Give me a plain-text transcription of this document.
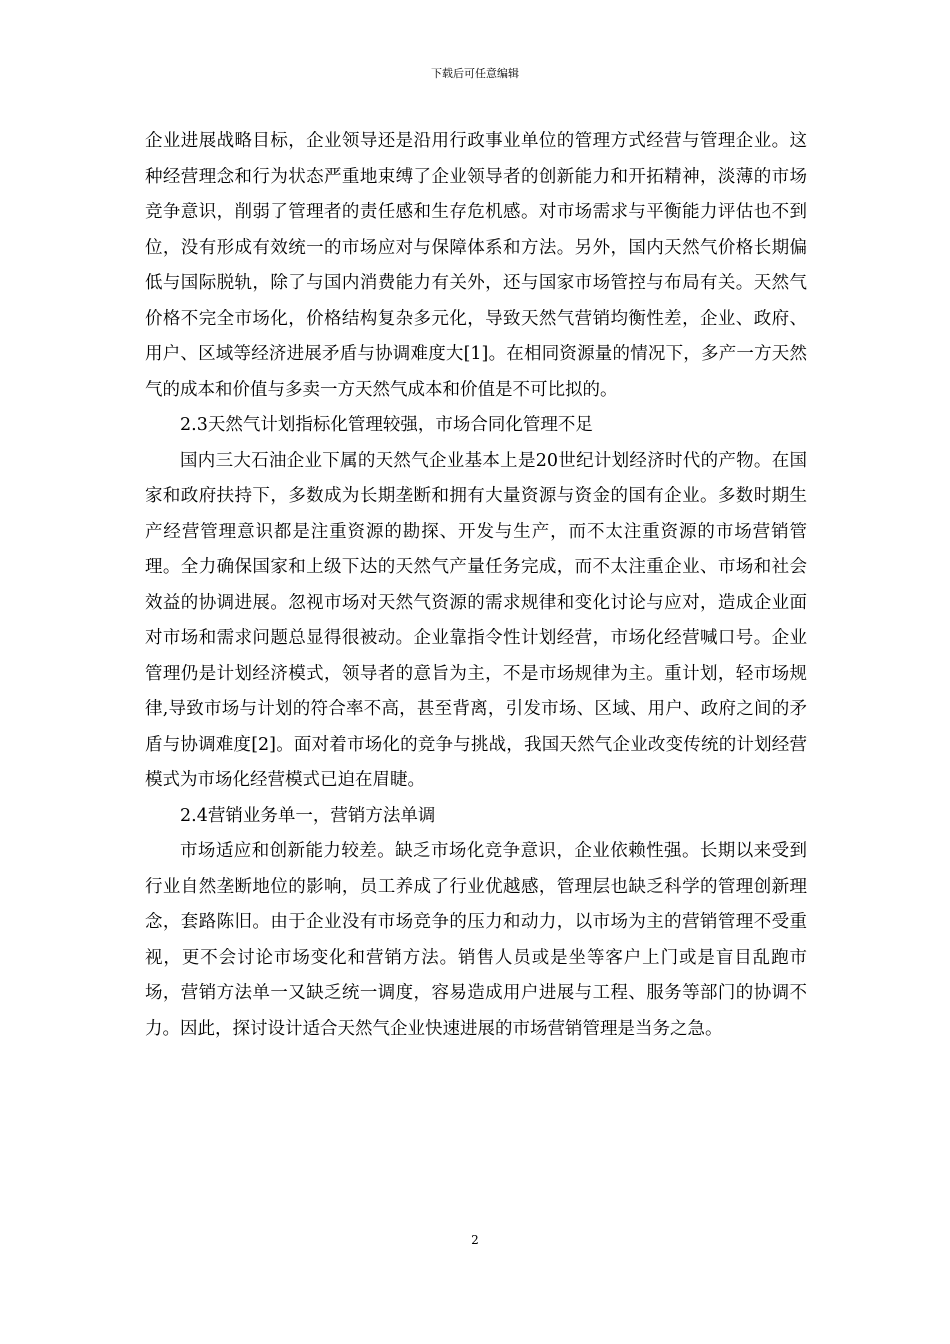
下载后可任意编辑

企业进展战略目标，企业领导还是沿用行政事业单位的管理方式经营与管理企业。这种经营理念和行为状态严重地束缚了企业领导者的创新能力和开拓精神，淡薄的市场竞争意识，削弱了管理者的责任感和生存危机感。对市场需求与平衡能力评估也不到位，没有形成有效统一的市场应对与保障体系和方法。另外，国内天然气价格长期偏低与国际脱轨，除了与国内消费能力有关外，还与国家市场管控与布局有关。天然气价格不完全市场化，价格结构复杂多元化，导致天然气营销均衡性差，企业、政府、用户、区域等经济进展矛盾与协调难度大[1]。在相同资源量的情况下，多产一方天然气的成本和价值与多卖一方天然气成本和价值是不可比拟的。

2.3天然气计划指标化管理较强，市场合同化管理不足

国内三大石油企业下属的天然气企业基本上是20世纪计划经济时代的产物。在国家和政府扶持下，多数成为长期垄断和拥有大量资源与资金的国有企业。多数时期生产经营管理意识都是注重资源的勘探、开发与生产，而不太注重资源的市场营销管理。全力确保国家和上级下达的天然气产量任务完成，而不太注重企业、市场和社会效益的协调进展。忽视市场对天然气资源的需求规律和变化讨论与应对，造成企业面对市场和需求问题总显得很被动。企业靠指令性计划经营，市场化经营喊口号。企业管理仍是计划经济模式，领导者的意旨为主，不是市场规律为主。重计划，轻市场规律,导致市场与计划的符合率不高，甚至背离，引发市场、区域、用户、政府之间的矛盾与协调难度[2]。面对着市场化的竞争与挑战，我国天然气企业改变传统的计划经营模式为市场化经营模式已迫在眉睫。

2.4营销业务单一，营销方法单调

市场适应和创新能力较差。缺乏市场化竞争意识，企业依赖性强。长期以来受到行业自然垄断地位的影响，员工养成了行业优越感，管理层也缺乏科学的管理创新理念，套路陈旧。由于企业没有市场竞争的压力和动力，以市场为主的营销管理不受重视，更不会讨论市场变化和营销方法。销售人员或是坐等客户上门或是盲目乱跑市场，营销方法单一又缺乏统一调度，容易造成用户进展与工程、服务等部门的协调不力。因此，探讨设计适合天然气企业快速进展的市场营销管理是当务之急。

2
